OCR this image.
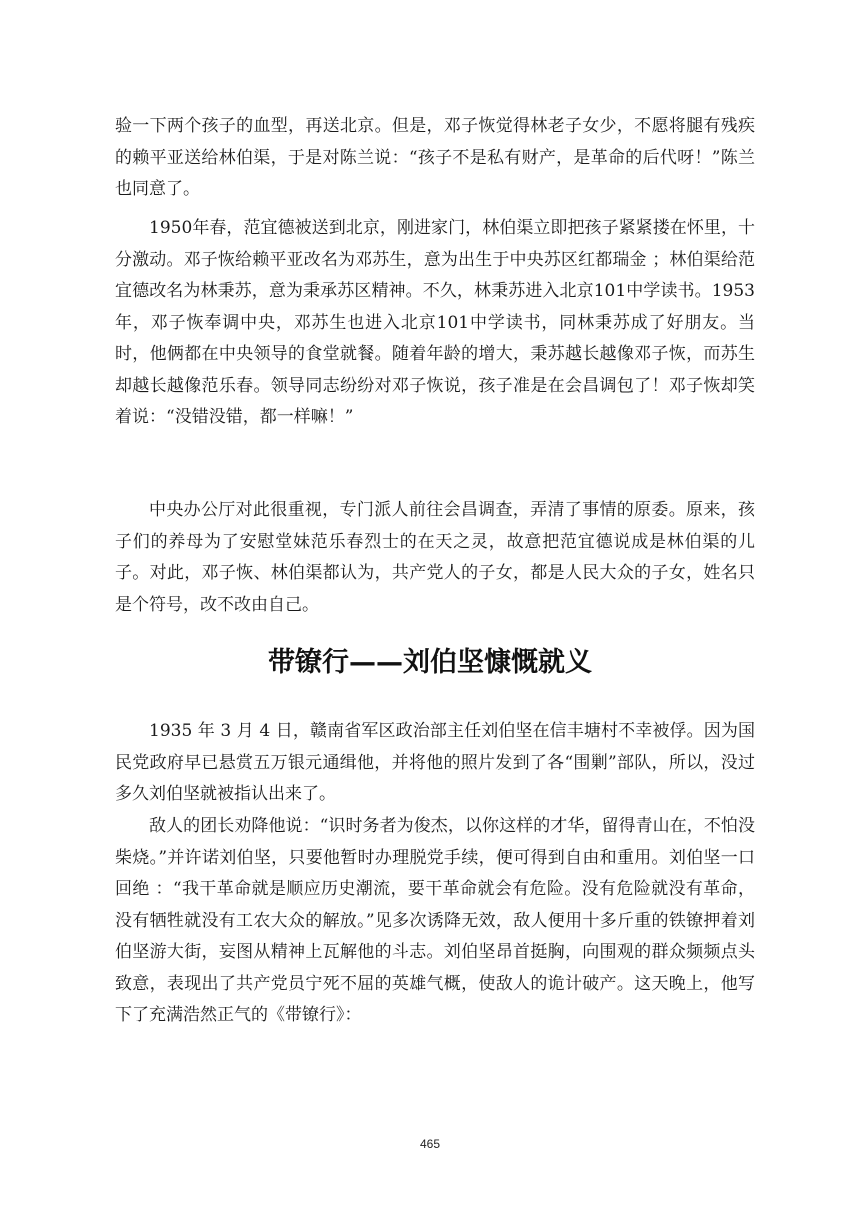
验一下两个孩子的血型，再送北京。但是，邓子恢觉得林老子女少，不愿将腿有残疾的赖平亚送给林伯渠，于是对陈兰说：“孩子不是私有财产，是革命的后代呀！”陈兰也同意了。

1950年春，范宜德被送到北京，刚进家门，林伯渠立即把孩子紧紧搂在怀里，十分激动。邓子恢给赖平亚改名为邓苏生，意为出生于中央苏区红都瑞金 ；林伯渠给范宜德改名为林秉苏，意为秉承苏区精神。不久，林秉苏进入北京101中学读书。1953年，邓子恢奉调中央，邓苏生也进入北京101中学读书，同林秉苏成了好朋友。当时，他俩都在中央领导的食堂就餐。随着年龄的增大，秉苏越长越像邓子恢，而苏生却越长越像范乐春。领导同志纷纷对邓子恢说，孩子准是在会昌调包了！邓子恢却笑着说：“没错没错，都一样嘛！”

中央办公厅对此很重视，专门派人前往会昌调查，弄清了事情的原委。原来，孩子们的养母为了安慰堂妹范乐春烈士的在天之灵，故意把范宜德说成是林伯渠的儿子。对此，邓子恢、林伯渠都认为，共产党人的子女，都是人民大众的子女，姓名只是个符号，改不改由自己。

带镣行——刘伯坚慷慨就义

1935 年 3 月 4 日，赣南省军区政治部主任刘伯坚在信丰塘村不幸被俘。因为国民党政府早已悬赏五万银元通缉他，并将他的照片发到了各“围剿”部队，所以，没过多久刘伯坚就被指认出来了。

敌人的团长劝降他说：“识时务者为俊杰，以你这样的才华，留得青山在，不怕没柴烧。”并许诺刘伯坚，只要他暂时办理脱党手续，便可得到自由和重用。刘伯坚一口回绝 ：“我干革命就是顺应历史潮流，要干革命就会有危险。没有危险就没有革命，没有牺牲就没有工农大众的解放。”见多次诱降无效，敌人便用十多斤重的铁镣押着刘伯坚游大街，妄图从精神上瓦解他的斗志。刘伯坚昂首挺胸，向围观的群众频频点头致意，表现出了共产党员宁死不屈的英雄气概，使敌人的诡计破产。这天晚上，他写下了充满浩然正气的《带镣行》：

465
